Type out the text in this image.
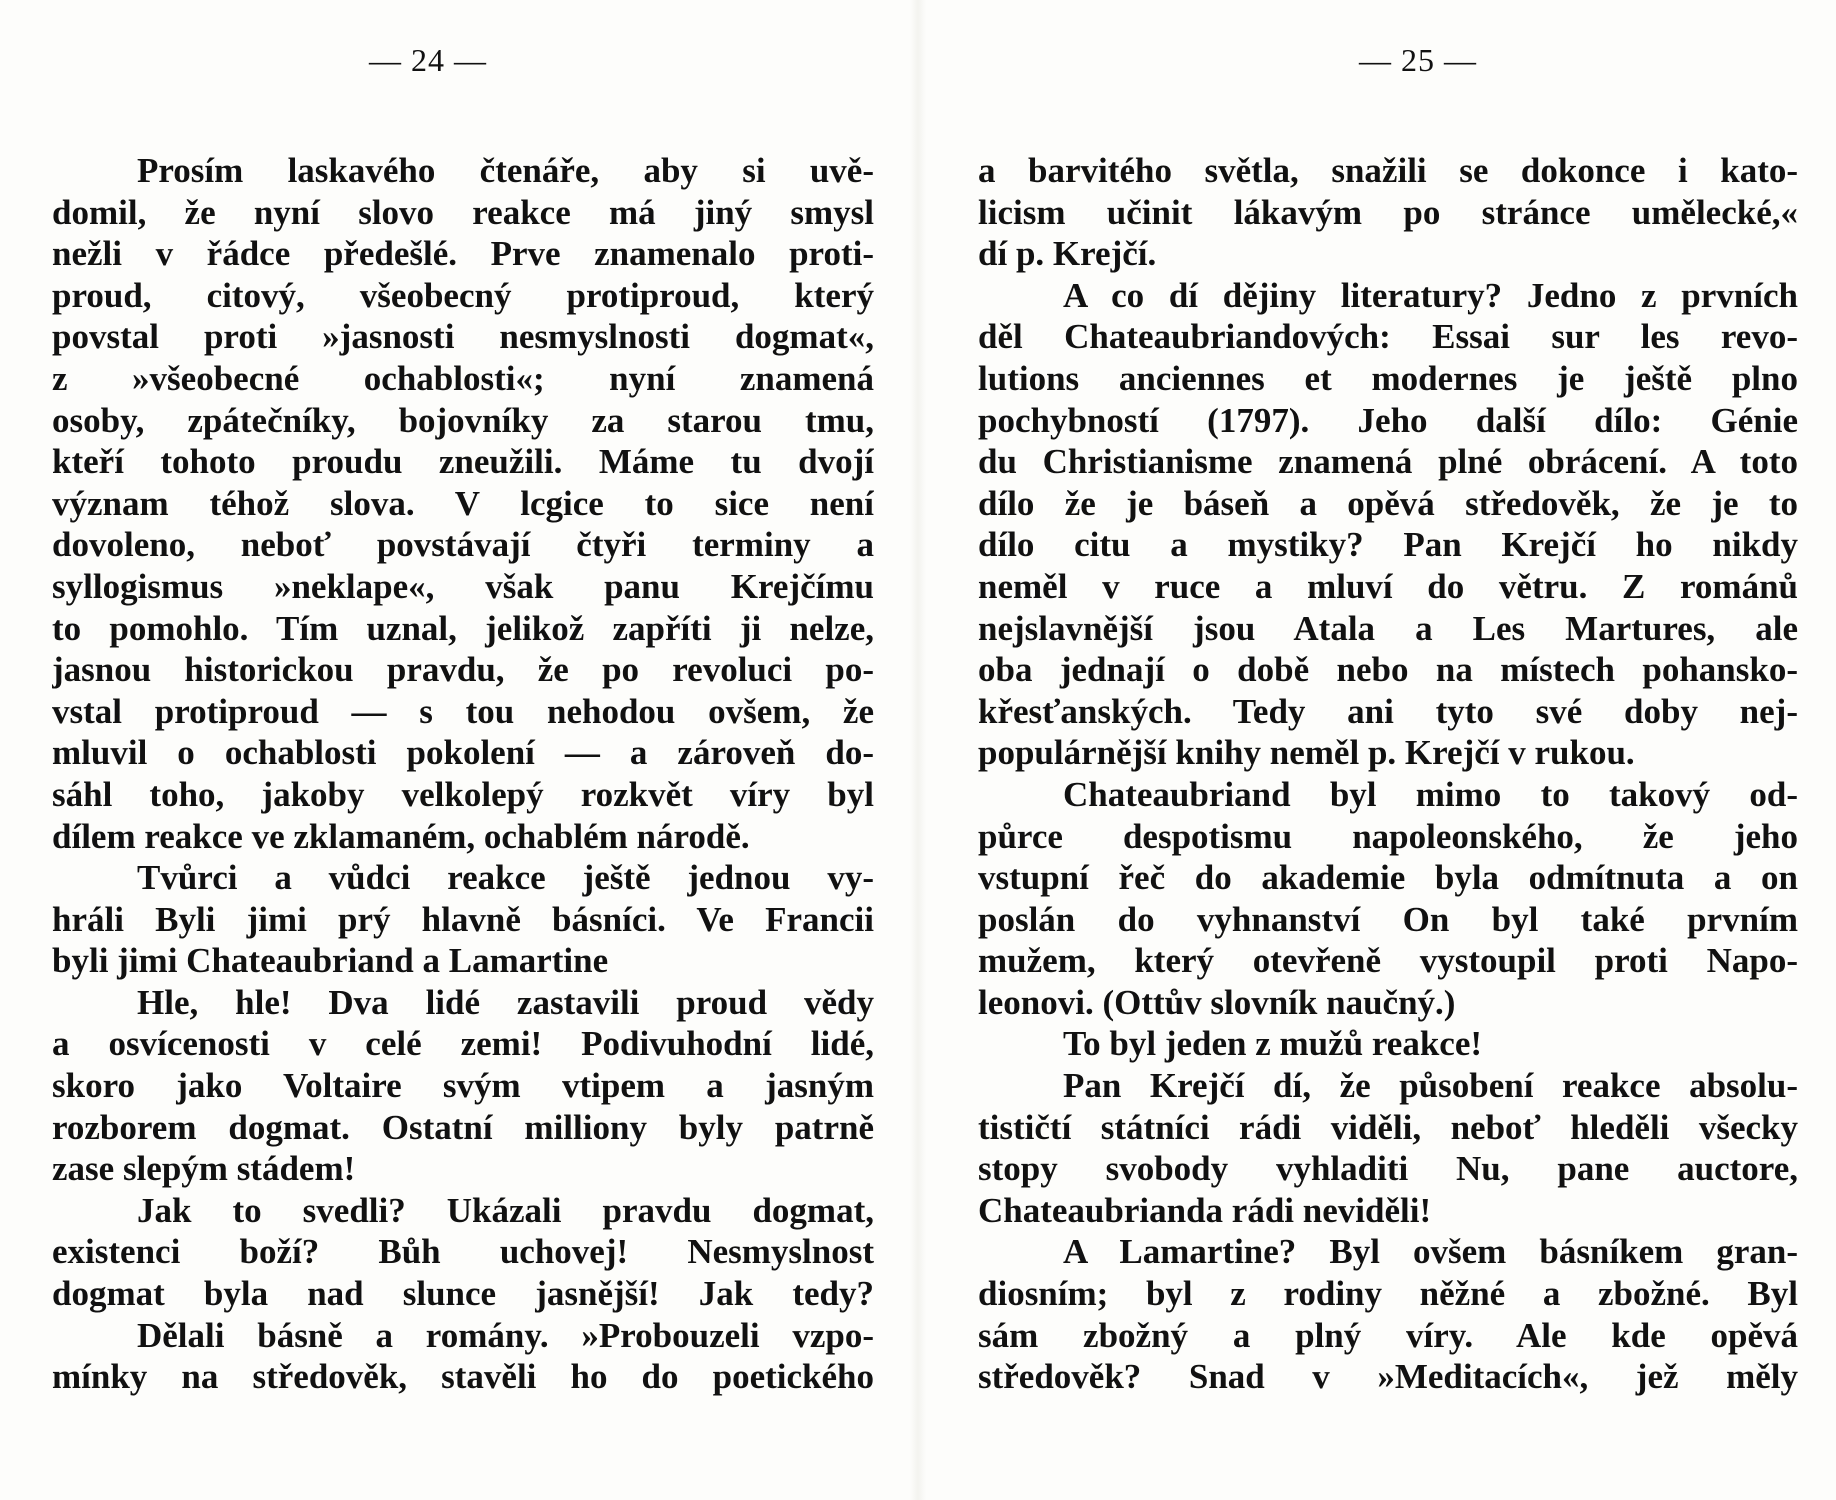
— 24 —
Prosím laskavého čtenáře, aby si uvě-
domil, že nyní slovo reakce má jiný smysl
nežli v řádce předešlé. Prve znamenalo proti-
proud, citový, všeobecný protiproud, který
povstal proti »jasnosti nesmyslnosti dogmat«,
z »všeobecné ochablosti«; nyní znamená
osoby, zpátečníky, bojovníky za starou tmu,
kteří tohoto proudu zneužili. Máme tu dvojí
význam téhož slova. V lcgice to sice není
dovoleno, neboť povstávají čtyři terminy a
syllogismus »neklape«, však panu Krejčímu
to pomohlo. Tím uznal, jelikož zapříti ji nelze,
jasnou historickou pravdu, že po revoluci po-
vstal protiproud — s tou nehodou ovšem, že
mluvil o ochablosti pokolení — a zároveň do-
sáhl toho, jakoby velkolepý rozkvět víry byl
dílem reakce ve zklamaném, ochablém národě.
Tvůrci a vůdci reakce ještě jednou vy-
hráli Byli jimi prý hlavně básníci. Ve Francii
byli jimi Chateaubriand a Lamartine
Hle, hle! Dva lidé zastavili proud vědy
a osvícenosti v celé zemi! Podivuhodní lidé,
skoro jako Voltaire svým vtipem a jasným
rozborem dogmat. Ostatní milliony byly patrně
zase slepým stádem!
Jak to svedli? Ukázali pravdu dogmat,
existenci boží? Bůh uchovej! Nesmyslnost
dogmat byla nad slunce jasnější! Jak tedy?
Dělali básně a romány. »Probouzeli vzpo-
mínky na středověk, stavěli ho do poetického
— 25 —
a barvitého světla, snažili se dokonce i kato-
licism učinit lákavým po stránce umělecké,«
dí p. Krejčí.
A co dí dějiny literatury? Jedno z prvních
děl Chateaubriandových: Essai sur les revo-
lutions anciennes et modernes je ještě plno
pochybností (1797). Jeho další dílo: Génie
du Christianisme znamená plné obrácení. A toto
dílo že je báseň a opěvá středověk, že je to
dílo citu a mystiky? Pan Krejčí ho nikdy
neměl v ruce a mluví do větru. Z románů
nejslavnější jsou Atala a Les Martures, ale
oba jednají o době nebo na místech pohansko-
křesťanských. Tedy ani tyto své doby nej-
populárnější knihy neměl p. Krejčí v rukou.
Chateaubriand byl mimo to takový od-
půrce despotismu napoleonského, že jeho
vstupní řeč do akademie byla odmítnuta a on
poslán do vyhnanství On byl také prvním
mužem, který otevřeně vystoupil proti Napo-
leonovi. (Ottův slovník naučný.)
To byl jeden z mužů reakce!
Pan Krejčí dí, že působení reakce absolu-
tističtí státníci rádi viděli, neboť hleděli všecky
stopy svobody vyhladiti Nu, pane auctore,
Chateaubrianda rádi neviděli!
A Lamartine? Byl ovšem básníkem gran-
diosním; byl z rodiny něžné a zbožné. Byl
sám zbožný a plný víry. Ale kde opěvá
středověk? Snad v »Meditacích«, jež měly
